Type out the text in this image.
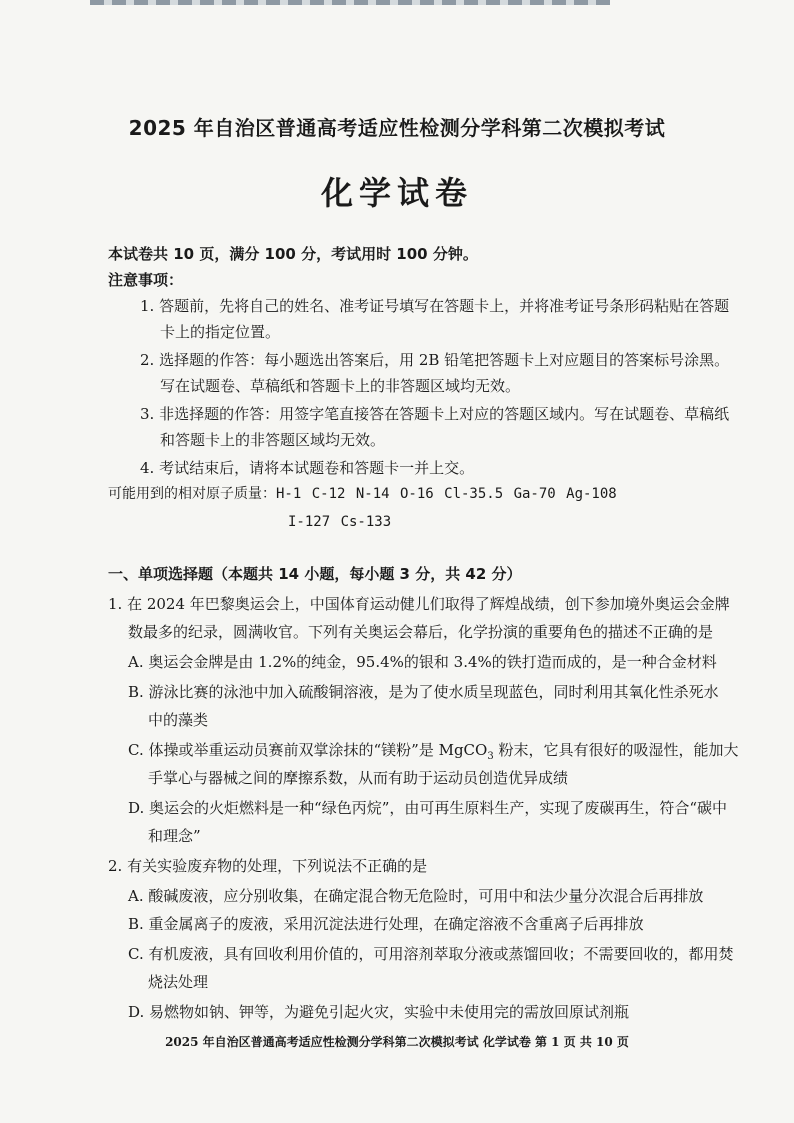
2025 年自治区普通高考适应性检测分学科第二次模拟考试
化学试卷
本试卷共 10 页，满分 100 分，考试用时 100 分钟。
注意事项：
1. 答题前，先将自己的姓名、准考证号填写在答题卡上，并将准考证号条形码粘贴在答题
卡上的指定位置。
2. 选择题的作答：每小题选出答案后，用 2B 铅笔把答题卡上对应题目的答案标号涂黑。
写在试题卷、草稿纸和答题卡上的非答题区域均无效。
3. 非选择题的作答：用签字笔直接答在答题卡上对应的答题区域内。写在试题卷、草稿纸
和答题卡上的非答题区域均无效。
4. 考试结束后，请将本试题卷和答题卡一并上交。
可能用到的相对原子质量：H-1 C-12 N-14 O-16 Cl-35.5 Ga-70 Ag-108
I-127 Cs-133
一、单项选择题（本题共 14 小题，每小题 3 分，共 42 分）
1. 在 2024 年巴黎奥运会上，中国体育运动健儿们取得了辉煌战绩，创下参加境外奥运会金牌
数最多的纪录，圆满收官。下列有关奥运会幕后，化学扮演的重要角色的描述不正确的是
A. 奥运会金牌是由 1.2%的纯金，95.4%的银和 3.4%的铁打造而成的，是一种合金材料
B. 游泳比赛的泳池中加入硫酸铜溶液，是为了使水质呈现蓝色，同时利用其氧化性杀死水
中的藻类
C. 体操或举重运动员赛前双掌涂抹的“镁粉”是 MgCO$_3$ 粉末，它具有很好的吸湿性，能加大
手掌心与器械之间的摩擦系数，从而有助于运动员创造优异成绩
D. 奥运会的火炬燃料是一种“绿色丙烷”，由可再生原料生产，实现了废碳再生，符合“碳中
和理念”
2. 有关实验废弃物的处理，下列说法不正确的是
A. 酸碱废液，应分别收集，在确定混合物无危险时，可用中和法少量分次混合后再排放
B. 重金属离子的废液，采用沉淀法进行处理，在确定溶液不含重离子后再排放
C. 有机废液，具有回收利用价值的，可用溶剂萃取分液或蒸馏回收；不需要回收的，都用焚
烧法处理
D. 易燃物如钠、钾等，为避免引起火灾，实验中未使用完的需放回原试剂瓶
2025 年自治区普通高考适应性检测分学科第二次模拟考试 化学试卷 第 1 页 共 10 页
